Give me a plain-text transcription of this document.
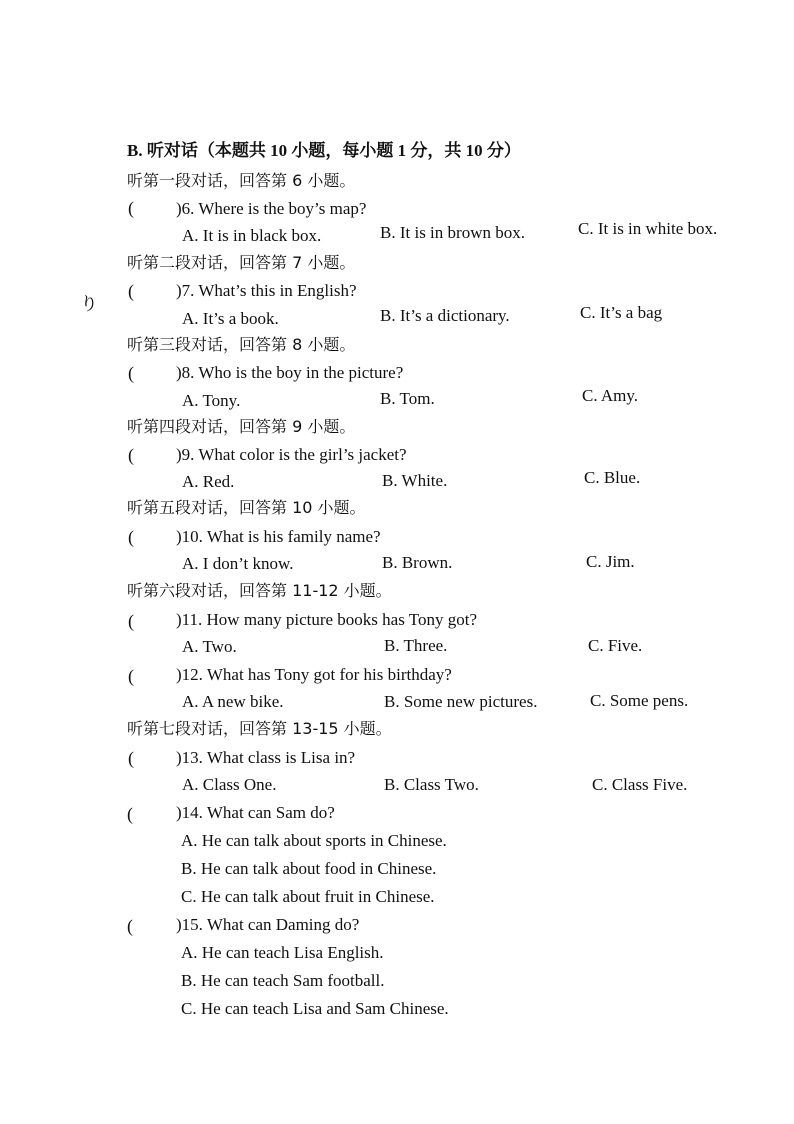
B. 听对话（本题共 10 小题，每小题 1 分，共 10 分）
り
听第一段对话，回答第 6 小题。
( )6. Where is the boy’s map?
A. It is in black box.	B. It is in brown box.	C. It is in white box.
听第二段对话，回答第 7 小题。
( )7. What’s this in English?
A. It’s a book.	B. It’s a dictionary.	C. It’s a bag
听第三段对话，回答第 8 小题。
( )8. Who is the boy in the picture?
A. Tony.	B. Tom.	C. Amy.
听第四段对话，回答第 9 小题。
( )9. What color is the girl’s jacket?
A. Red.	B. White.	C. Blue.
听第五段对话，回答第 10 小题。
( )10. What is his family name?
A. I don’t know.	B. Brown.	C. Jim.
听第六段对话，回答第 11-12 小题。
( )11. How many picture books has Tony got?
A. Two.	B. Three.	C. Five.
( )12. What has Tony got for his birthday?
A. A new bike.	B. Some new pictures.	C. Some pens.
听第七段对话，回答第 13-15 小题。
( )13. What class is Lisa in?
A. Class One.	B. Class Two.	C. Class Five.
(	)14. What can Sam do?
A. He can talk about sports in Chinese.
B. He can talk about food in Chinese.
C. He can talk about fruit in Chinese.
(	)15. What can Daming do?
A. He can teach Lisa English.
B. He can teach Sam football.
C. He can teach Lisa and Sam Chinese.
